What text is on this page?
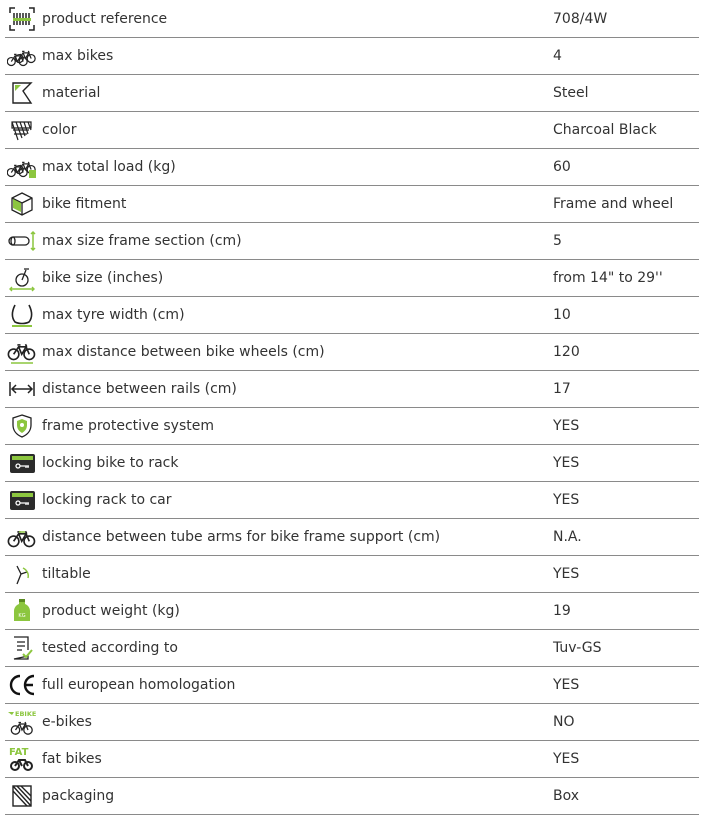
product reference	708/4W
max bikes	4
material	Steel
color	Charcoal Black
max total load (kg)	60
bike fitment	Frame and wheel
max size frame section (cm)	5
bike size (inches)	from 14" to 29''
max tyre width (cm)	10
max distance between bike wheels (cm)	120
distance between rails (cm)	17
frame protective system	YES
locking bike to rack	YES
locking rack to car	YES
distance between tube arms for bike frame support (cm)	N.A.
tiltable	YES
KG product weight (kg)	19
tested according to	Tuv-GS
full european homologation	YES
EBIKE e-bikes	NO
FAT fat bikes	YES
packaging	Box
